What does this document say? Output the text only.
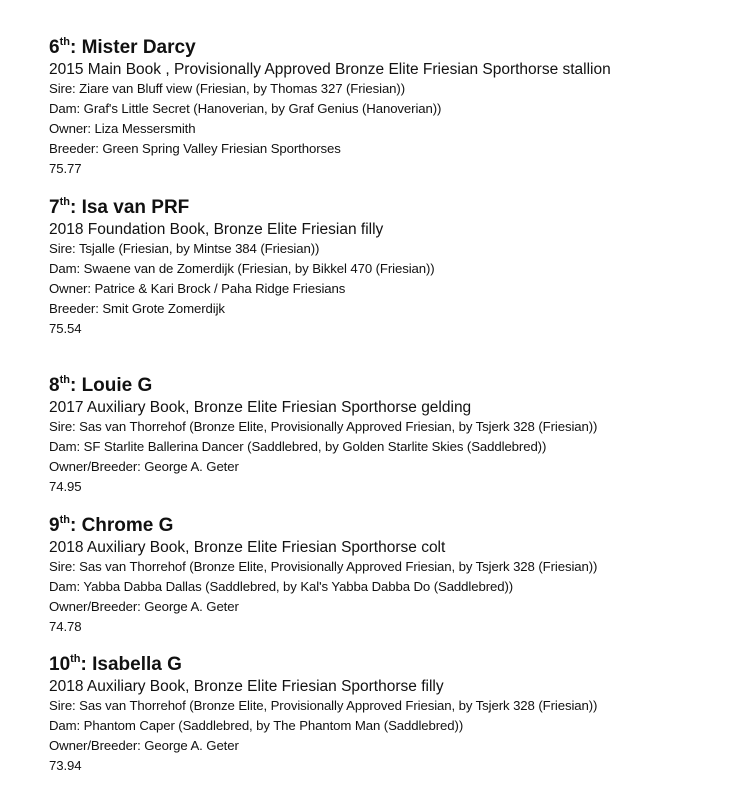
6th: Mister Darcy
2015 Main Book , Provisionally Approved Bronze Elite Friesian Sporthorse stallion
Sire: Ziare van Bluff view (Friesian, by Thomas 327 (Friesian))
Dam: Graf's Little Secret (Hanoverian, by Graf Genius (Hanoverian))
Owner: Liza Messersmith
Breeder: Green Spring Valley Friesian Sporthorses
75.77
7th: Isa van PRF
2018 Foundation Book, Bronze Elite Friesian filly
Sire: Tsjalle (Friesian, by Mintse 384 (Friesian))
Dam: Swaene van de Zomerdijk (Friesian, by Bikkel 470 (Friesian))
Owner: Patrice & Kari Brock / Paha Ridge Friesians
Breeder: Smit Grote Zomerdijk
75.54
8th: Louie G
2017 Auxiliary Book, Bronze Elite Friesian Sporthorse gelding
Sire: Sas van Thorrehof (Bronze Elite, Provisionally Approved Friesian, by Tsjerk 328 (Friesian))
Dam: SF Starlite Ballerina Dancer (Saddlebred, by Golden Starlite Skies (Saddlebred))
Owner/Breeder: George A. Geter
74.95
9th: Chrome G
2018 Auxiliary Book, Bronze Elite Friesian Sporthorse colt
Sire: Sas van Thorrehof (Bronze Elite, Provisionally Approved Friesian, by Tsjerk 328 (Friesian))
Dam: Yabba Dabba Dallas (Saddlebred, by Kal's Yabba Dabba Do (Saddlebred))
Owner/Breeder: George A. Geter
74.78
10th: Isabella G
2018 Auxiliary Book, Bronze Elite Friesian Sporthorse filly
Sire: Sas van Thorrehof (Bronze Elite, Provisionally Approved Friesian, by Tsjerk 328 (Friesian))
Dam: Phantom Caper (Saddlebred, by The Phantom Man (Saddlebred))
Owner/Breeder: George A. Geter
73.94
